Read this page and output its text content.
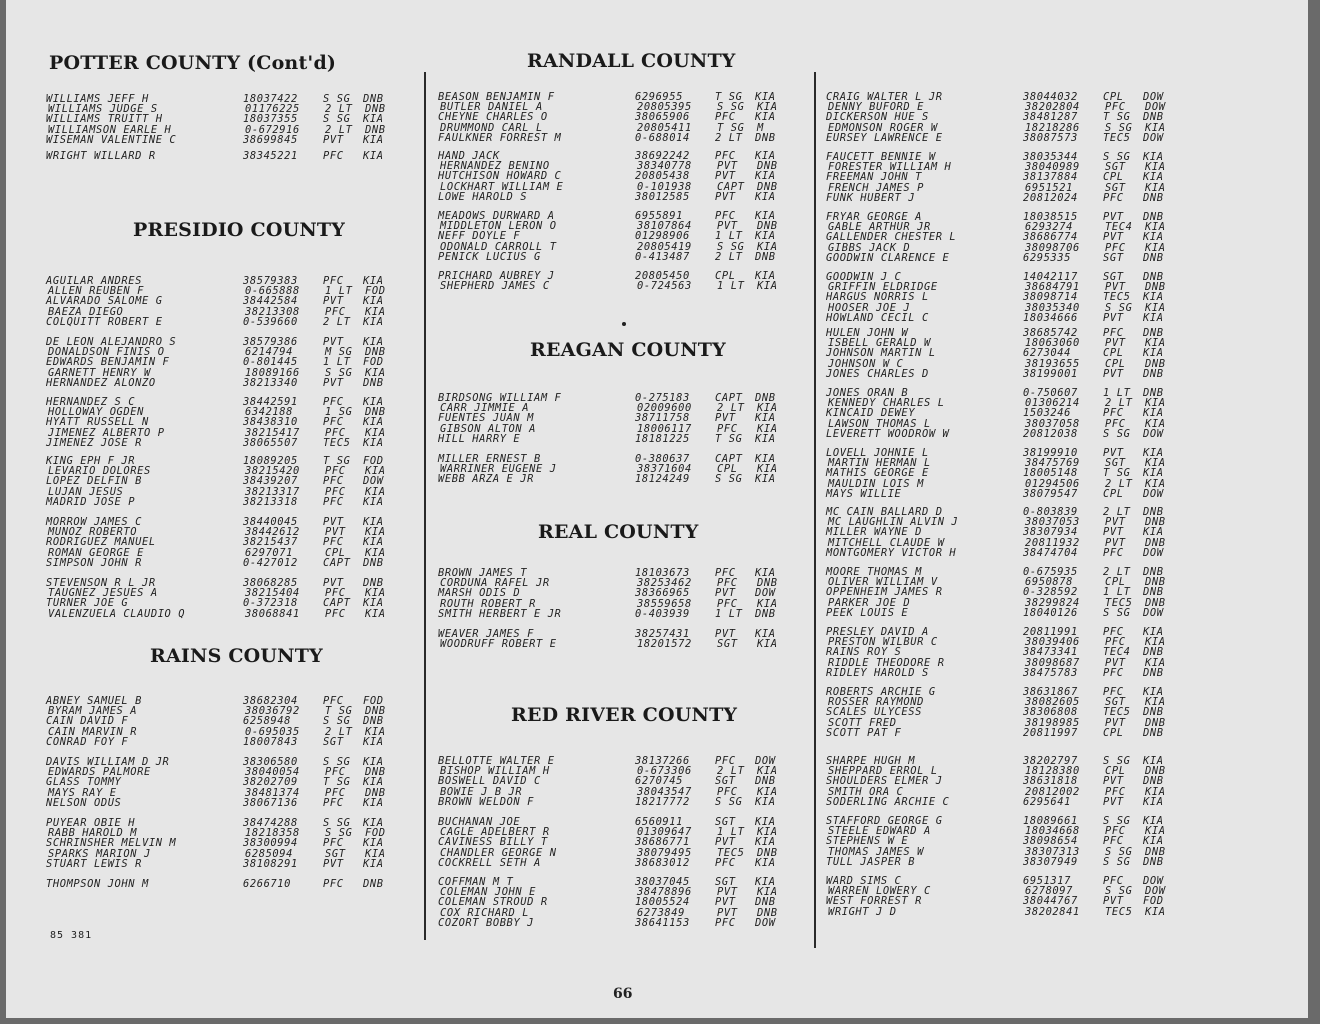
POTTER COUNTY (Cont'd)
WILLIAMS JEFF H	18037422 S SG DNB
WILLIAMS JUDGE S	01176225 2 LT DNB
WILLIAMS TRUITT H	18037355 S SG KIA
WILLIAMSON EARLE H	0-672916 2 LT DNB
WISEMAN VALENTINE C	38699845 PVT KIA
WRIGHT WILLARD R	38345221 PFC KIA
PRESIDIO COUNTY
AGUILAR ANDRES	38579383 PFC KIA
ALLEN REUBEN F	0-665888 1 LT FOD
ALVARADO SALOME G	38442584 PVT KIA
BAEZA DIEGO	38213308 PFC KIA
COLQUITT ROBERT E	0-539660 2 LT KIA
DE LEON ALEJANDRO S	38579386 PVT KIA
DONALDSON FINIS O	6214794	M SG DNB
EDWARDS BENJAMIN F	0-801445 1 LT FOD
GARNETT HENRY W	18089166 S SG KIA
HERNANDEZ ALONZO	38213340 PVT DNB
HERNANDEZ S C	38442591 PFC KIA
HOLLOWAY OGDEN	6342188	1 SG DNB
HYATT RUSSELL N	38438310 PFC KIA
JIMENEZ ALBERTO P	38215417 PFC KIA
JIMENEZ JOSE R	38065507 TEC5 KIA
KING EPH F JR	18089205 T SG FOD
LEVARIO DOLORES	38215420 PFC KIA
LOPEZ DELFIN B	38439207 PFC DOW
LUJAN JESUS	38213317 PFC KIA
MADRID JOSE P	38213318 PFC KIA
MORROW JAMES C	38440045 PVT KIA
MUNOZ ROBERTO	38442612 PVT KIA
RODRIGUEZ MANUEL	38215437 PFC KIA
ROMAN GEORGE E	6297071	CPL KIA
SIMPSON JOHN R	0-427012 CAPT DNB
STEVENSON R L JR	38068285 PVT DNB
TAUGNEZ JESUES A	38215404 PFC KIA
TURNER JOE G	0-372318 CAPT KIA
VALENZUELA CLAUDIO Q	38068841 PFC KIA
RAINS COUNTY
ABNEY SAMUEL B	38682304 PFC FOD
BYRAM JAMES A	38036792 T SG DNB
CAIN DAVID F	6258948	S SG DNB
CAIN MARVIN R	0-695035 2 LT KIA
CONRAD FOY F	18007843 SGT KIA
DAVIS WILLIAM D JR	38306580 S SG KIA
EDWARDS PALMORE	38040054 PFC DNB
GLASS TOMMY	38202709 T SG KIA
MAYS RAY E	38481374 PFC DNB
NELSON ODUS	38067136 PFC KIA
PUYEAR OBIE H	38474288 S SG KIA
RABB HAROLD M	18218358 S SG FOD
SCHRINSHER MELVIN M	38300994 PFC KIA
SPARKS MARION J	6285094	SGT KIA
STUART LEWIS R	38108291 PVT KIA
THOMPSON JOHN M	6266710	PFC DNB
RANDALL COUNTY
BEASON BENJAMIN F	6296955	T SG KIA
BUTLER DANIEL A	20805395 S SG KIA
CHEYNE CHARLES O	38065906 PFC KIA
DRUMMOND CARL L	20805411 T SG M
FAULKNER FORREST M	0-688014 2 LT DNB
HAND JACK	38692242 PFC KIA
HERNANDEZ BENINO	38340778 PVT DNB
HUTCHISON HOWARD C	20805438 PVT KIA
LOCKHART WILLIAM E	0-101938 CAPT DNB
LOWE HAROLD S	38012585 PVT KIA
MEADOWS DURWARD A	6955891	PFC KIA
MIDDLETON LERON O	38107864 PVT DNB
NEFF DOYLE F	01298906 1 LT KIA
ODONALD CARROLL T	20805419 S SG KIA
PENICK LUCIUS G	0-413487 2 LT DNB
PRICHARD AUBREY J	20805450 CPL KIA
SHEPHERD JAMES C	0-724563 1 LT KIA
REAGAN COUNTY
BIRDSONG WILLIAM F	0-275183 CAPT DNB
CARR JIMMIE A	02009600 2 LT KIA
FUENTES JUAN M	38711758 PVT KIA
GIBSON ALTON A	18006117 PFC KIA
HILL HARRY E	18181225 T SG KIA
MILLER ERNEST B	0-380637 CAPT KIA
WARRINER EUGENE J	38371604 CPL KIA
WEBB ARZA E JR	18124249 S SG KIA
REAL COUNTY
BROWN JAMES T	18103673 PFC KIA
CORDUNA RAFEL JR	38253462 PFC DNB
MARSH ODIS D	38366965 PVT DOW
ROUTH ROBERT R	38559658 PFC KIA
SMITH HERBERT E JR	0-403939 1 LT DNB
WEAVER JAMES F	38257431 PVT KIA
WOODRUFF ROBERT E	18201572 SGT KIA
RED RIVER COUNTY
BELLOTTE WALTER E	38137266 PFC DOW
BISHOP WILLIAM H	0-673306 2 LT KIA
BOSWELL DAVID C	6270745	SGT DNB
BOWIE J B JR	38043547 PFC KIA
BROWN WELDON F	18217772 S SG KIA
BUCHANAN JOE	6560911	SGT KIA
CAGLE ADELBERT R	01309647 1 LT KIA
CAVINESS BILLY T	38686771 PVT KIA
CHANDLER GEORGE N	38079495 TEC5 DNB
COCKRELL SETH A	38683012 PFC KIA
COFFMAN M T	38037045 SGT KIA
COLEMAN JOHN E	38478896 PVT KIA
COLEMAN STROUD R	18005524 PVT DNB
COX RICHARD L	6273849	PVT DNB
COZORT BOBBY J	38641153 PFC DOW
CRAIG WALTER L JR	38044032 CPL DOW
DENNY BUFORD E	38202804 PFC DOW
DICKERSON HUE S	38481287 T SG DNB
EDMONSON ROGER W	18218286 S SG KIA
EURSEY LAWRENCE E	38087573 TEC5 DOW
FAUCETT BENNIE W	38035344 S SG KIA
FORESTER WILLIAM H	38040989 SGT KIA
FREEMAN JOHN T	38137884 CPL KIA
FRENCH JAMES P	6951521	SGT KIA
FUNK HUBERT J	20812024 PFC DNB
FRYAR GEORGE A	18038515 PVT DNB
GABLE ARTHUR JR	6293274	TEC4 KIA
GALLENDER CHESTER L	38686774 PVT KIA
GIBBS JACK D	38098706 PFC KIA
GOODWIN CLARENCE E	6295335	SGT DNB
GOODWIN J C	14042117 SGT DNB
GRIFFIN ELDRIDGE	38684791 PVT DNB
HARGUS NORRIS L	38098714 TEC5 KIA
HOOSER JOE J	38035340 S SG KIA
HOWLAND CECIL C	18034666 PVT KIA
HULEN JOHN W	38685742 PFC DNB
ISBELL GERALD W	18063060 PVT KIA
JOHNSON MARTIN L	6273044	CPL KIA
JOHNSON W C	38193655 CPL DNB
JONES CHARLES D	38199001 PVT DNB
JONES ORAN B	0-750607 1 LT DNB
KENNEDY CHARLES L	01306214 2 LT KIA
KINCAID DEWEY	1503246	PFC KIA
LAWSON THOMAS L	38037058 PFC KIA
LEVERETT WOODROW W	20812038 S SG DOW
LOVELL JOHNIE L	38199910 PVT KIA
MARTIN HERMAN L	38475769 SGT KIA
MATHIS GEORGE E	18005148 T SG KIA
MAULDIN LOIS M	01294506 2 LT KIA
MAYS WILLIE	38079547 CPL DOW
MC CAIN BALLARD D	0-803839 2 LT DNB
MC LAUGHLIN ALVIN J	38037053 PVT DNB
MILLER WAYNE D	38307934 PVT KIA
MITCHELL CLAUDE W	20811932 PVT DNB
MONTGOMERY VICTOR H	38474704 PFC DOW
MOORE THOMAS M	0-675935 2 LT DNB
OLIVER WILLIAM V	6950878	CPL DNB
OPPENHEIM JAMES R	0-328592 1 LT DNB
PARKER JOE D	38299824 TEC5 DNB
PEEK LOUIS E	18040126 S SG DOW
PRESLEY DAVID A	20811991 PFC KIA
PRESTON WILBUR C	38039406 PFC KIA
RAINS ROY S	38473341 TEC4 DNB
RIDDLE THEODORE R	38098687 PVT KIA
RIDLEY HAROLD S	38475783 PFC DNB
ROBERTS ARCHIE G	38631867 PFC KIA
ROSSER RAYMOND	38082605 SGT KIA
SCALES ULYCESS	38306808 TEC5 DNB
SCOTT FRED	38198985 PVT DNB
SCOTT PAT F	20811997 CPL DNB
SHARPE HUGH M	38202797 S SG KIA
SHEPPARD ERROL L	18128380 CPL DNB
SHOULDERS ELMER J	38631818 PVT DNB
SMITH ORA C	20812002 PFC KIA
SODERLING ARCHIE C	6295641	PVT KIA
STAFFORD GEORGE G	18089661 S SG KIA
STEELE EDWARD A	18034668 PFC KIA
STEPHENS W E	38098654 PFC KIA
THOMAS JAMES W	38307313 S SG DNB
TULL JASPER B	38307949 S SG DNB
WARD SIMS C	6951317	PFC DOW
WARREN LOWERY C	6278097	S SG DOW
WEST FORREST R	38044767 PVT FOD
WRIGHT J D	38202841 TEC5 KIA
85 381
66
